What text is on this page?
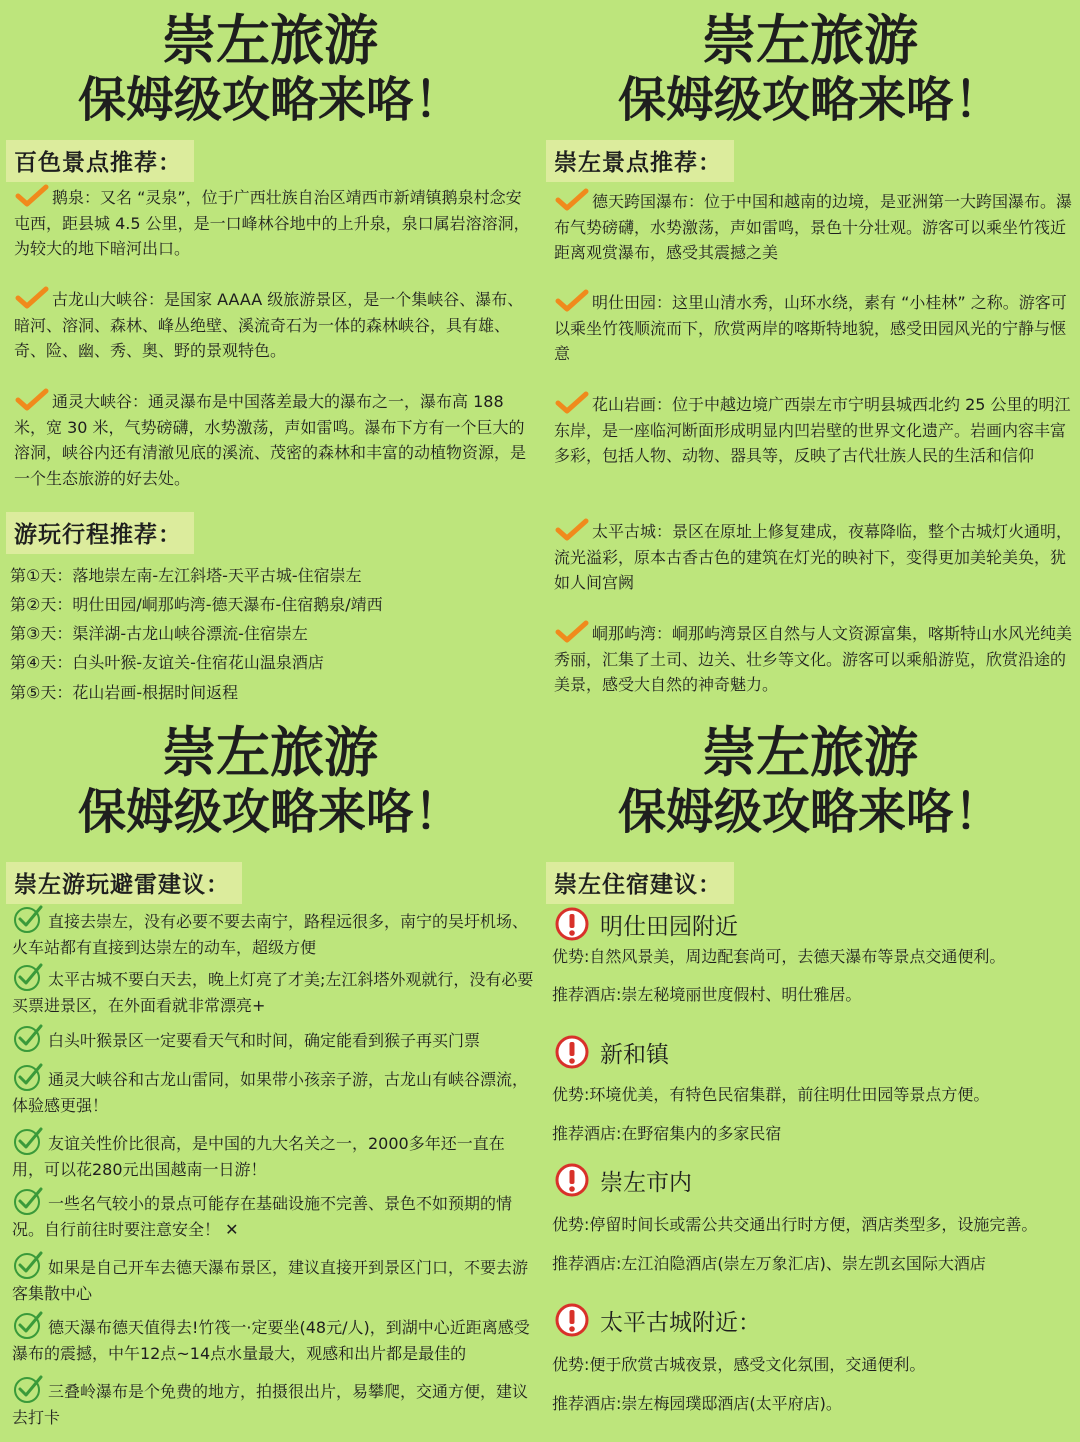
崇左旅游
保姆级攻略来咯！
百色景点推荐：
鹅泉：又名 “灵泉”，位于广西壮族自治区靖西市新靖镇鹅泉村念安屯西，距县城 4.5 公里，是一口峰林谷地中的上升泉，泉口属岩溶溶洞，为较大的地下暗河出口。
古龙山大峡谷：是国家 AAAA 级旅游景区，是一个集峡谷、瀑布、暗河、溶洞、森林、峰丛绝壁、溪流奇石为一体的森林峡谷，具有雄、奇、险、幽、秀、奥、野的景观特色。
通灵大峡谷：通灵瀑布是中国落差最大的瀑布之一，瀑布高 188 米，宽 30 米，气势磅礴，水势激荡，声如雷鸣。瀑布下方有一个巨大的溶洞，峡谷内还有清澈见底的溪流、茂密的森林和丰富的动植物资源，是一个生态旅游的好去处。
游玩行程推荐：
第①天：落地崇左南-左江斜塔-天平古城-住宿崇左
第②天：明仕田园/峒那屿湾-德天瀑布-住宿鹅泉/靖西
第③天：渠洋湖-古龙山峡谷漂流-住宿崇左
第④天：白头叶猴-友谊关-住宿花山温泉酒店
第⑤天：花山岩画-根据时间返程
崇左旅游
保姆级攻略来咯！
崇左景点推荐：
德天跨国瀑布：位于中国和越南的边境，是亚洲第一大跨国瀑布。瀑布气势磅礴，水势激荡，声如雷鸣，景色十分壮观。游客可以乘坐竹筏近距离观赏瀑布，感受其震撼之美
明仕田园：这里山清水秀，山环水绕，素有 “小桂林” 之称。游客可以乘坐竹筏顺流而下，欣赏两岸的喀斯特地貌，感受田园风光的宁静与惬意
花山岩画：位于中越边境广西崇左市宁明县城西北约 25 公里的明江东岸，是一座临河断面形成明显内凹岩壁的世界文化遗产。岩画内容丰富多彩，包括人物、动物、器具等，反映了古代壮族人民的生活和信仰
太平古城：景区在原址上修复建成，夜幕降临，整个古城灯火通明，流光溢彩，原本古香古色的建筑在灯光的映衬下，变得更加美轮美奂，犹如人间宫阙
峒那屿湾：峒那屿湾景区自然与人文资源富集，喀斯特山水风光纯美秀丽，汇集了土司、边关、壮乡等文化。游客可以乘船游览，欣赏沿途的美景，感受大自然的神奇魅力。
崇左旅游
保姆级攻略来咯！
崇左游玩避雷建议：
直接去崇左，没有必要不要去南宁，路程远很多，南宁的吴圩机场、火车站都有直接到达崇左的动车，超级方便
太平古城不要白天去，晚上灯亮了才美;左江斜塔外观就行，没有必要买票进景区，在外面看就非常漂亮+
白头叶猴景区一定要看天气和时间，确定能看到猴子再买门票
通灵大峡谷和古龙山雷同，如果带小孩亲子游，古龙山有峡谷漂流，体验感更强！
友谊关性价比很高，是中国的九大名关之一，2000多年还一直在用，可以花280元出国越南一日游！
一些名气较小的景点可能存在基础设施不完善、景色不如预期的情况。自行前往时要注意安全！ ✕
如果是自己开车去德天瀑布景区，建议直接开到景区门口，不要去游客集散中心
德天瀑布德天值得去!竹筏一·定要坐(48元/人)，到湖中心近距离感受瀑布的震撼，中午12点~14点水量最大，观感和出片都是最佳的
三叠岭瀑布是个免费的地方，拍摄很出片，易攀爬，交通方便，建议去打卡
崇左旅游
保姆级攻略来咯！
崇左住宿建议：
明仕田园附近
优势:自然风景美，周边配套尚可，去德天瀑布等景点交通便利。
推荐酒店:崇左秘境丽世度假村、明仕雅居。
新和镇
优势:环境优美，有特色民宿集群，前往明仕田园等景点方便。
推荐酒店:在野宿集内的多家民宿
崇左市内
优势:停留时间长或需公共交通出行时方便，酒店类型多，设施完善。
推荐酒店:左江泊隐酒店(崇左万象汇店)、崇左凯玄国际大酒店
太平古城附近：
优势:便于欣赏古城夜景，感受文化氛围，交通便利。
推荐酒店:崇左梅园璞邸酒店(太平府店)。
